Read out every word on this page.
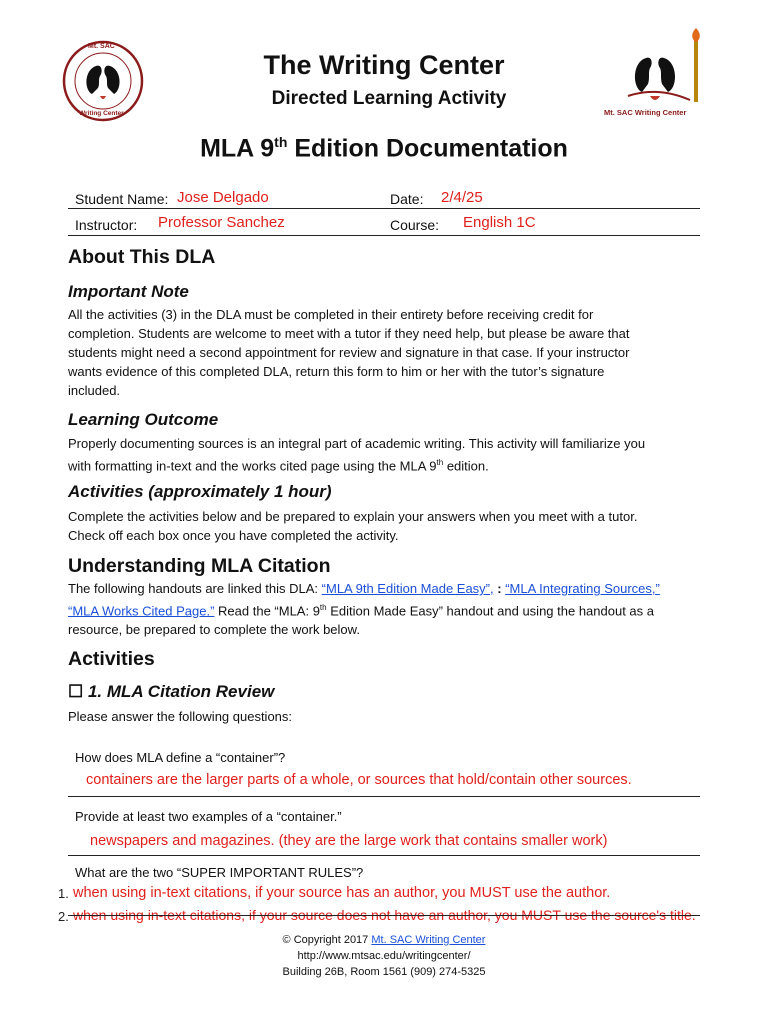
Mt. SAC
Writing Center	Mt. SAC Writing Center
The Writing Center
Directed Learning Activity
MLA 9th Edition Documentation
Student Name: Jose Delgado	Date: 2/4/25
Instructor: Professor Sanchez	Course: English 1C
About This DLA
Important Note
All the activities (3) in the DLA must be completed in their entirety before receiving credit for
completion. Students are welcome to meet with a tutor if they need help, but please be aware that
students might need a second appointment for review and signature in that case. If your instructor
wants evidence of this completed DLA, return this form to him or her with the tutor’s signature
included.
Learning Outcome
Properly documenting sources is an integral part of academic writing. This activity will familiarize you
with formatting in-text and the works cited page using the MLA 9th edition.
Activities (approximately 1 hour)
Complete the activities below and be prepared to explain your answers when you meet with a tutor.
Check off each box once you have completed the activity.
Understanding MLA Citation
The following handouts are linked this DLA: “MLA 9th Edition Made Easy”, : “MLA Integrating Sources,”
“MLA Works Cited Page.” Read the “MLA: 9th Edition Made Easy” handout and using the handout as a
resource, be prepared to complete the work below.
Activities
☐ 1. MLA Citation Review
Please answer the following questions:
How does MLA define a “container”?
containers are the larger parts of a whole, or sources that hold/contain other sources.
Provide at least two examples of a “container.”
newspapers and magazines. (they are the large work that contains smaller work)
What are the two “SUPER IMPORTANT RULES”?
1. when using in-text citations, if your source has an author, you MUST use the author.
2. when using in-text citations, if your source does not have an author, you MUST use the source's title.
© Copyright 2017 Mt. SAC Writing Center
http://www.mtsac.edu/writingcenter/
Building 26B, Room 1561 (909) 274-5325
